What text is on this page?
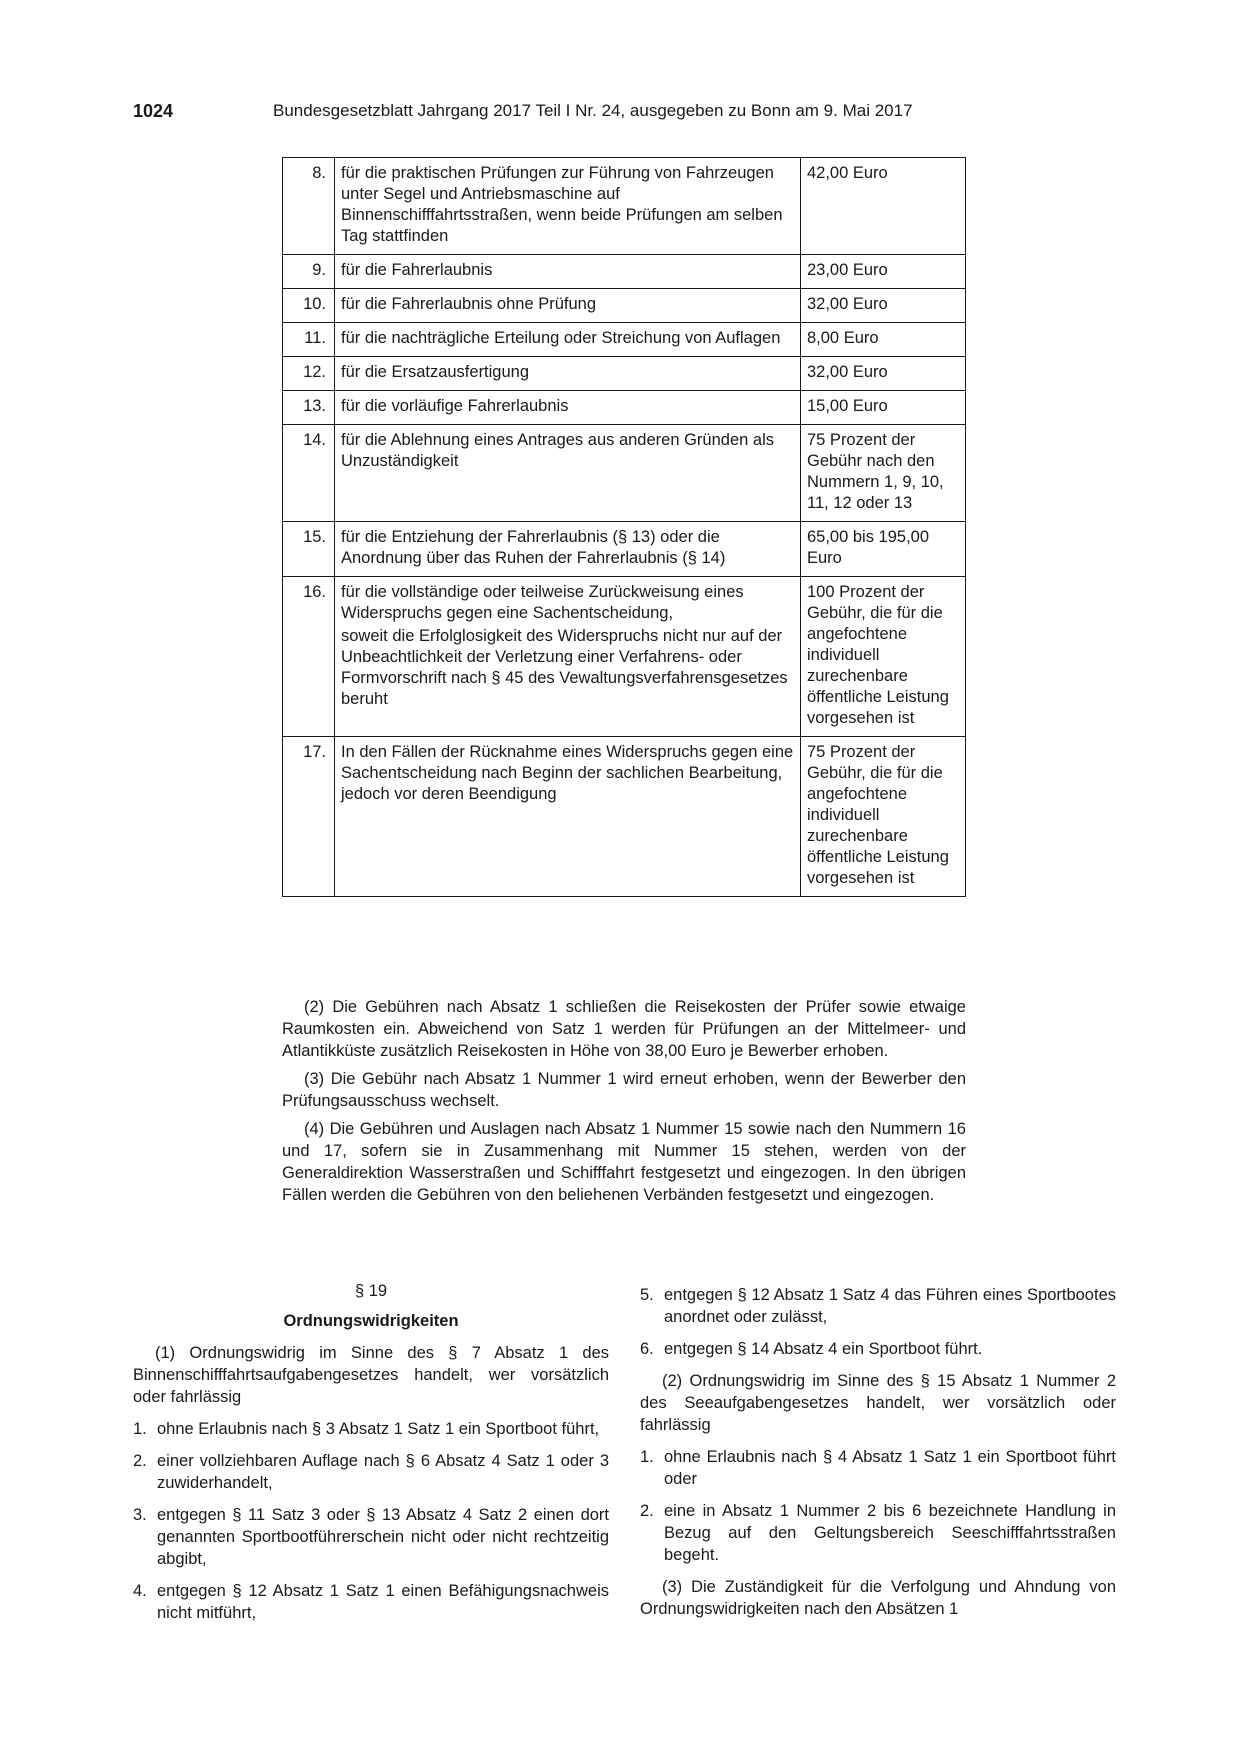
1024	Bundesgesetzblatt Jahrgang 2017 Teil I Nr. 24, ausgegeben zu Bonn am 9. Mai 2017
8.	für die praktischen Prüfungen zur Führung von Fahrzeugen unter Segel und Antriebsmaschine auf Binnenschifffahrtsstraßen, wenn beide Prüfungen am selben Tag stattfinden	42,00 Euro
9.	für die Fahrerlaubnis	23,00 Euro
10.	für die Fahrerlaubnis ohne Prüfung	32,00 Euro
11.	für die nachträgliche Erteilung oder Streichung von Auflagen	8,00 Euro
12.	für die Ersatzausfertigung	32,00 Euro
13.	für die vorläufige Fahrerlaubnis	15,00 Euro
14.	für die Ablehnung eines Antrages aus anderen Gründen als Unzuständigkeit	75 Prozent der Gebühr nach den Nummern 1, 9, 10, 11, 12 oder 13
15.	für die Entziehung der Fahrerlaubnis (§ 13) oder die Anordnung über das Ruhen der Fahrerlaubnis (§ 14)	65,00 bis 195,00 Euro
16.	für die vollständige oder teilweise Zurückweisung eines Widerspruchs gegen eine Sachentscheidung,

soweit die Erfolglosigkeit des Widerspruchs nicht nur auf der Unbeachtlichkeit der Verletzung einer Verfahrens- oder Formvorschrift nach § 45 des Vewaltungsverfahrensgesetzes beruht	100 Prozent der Gebühr, die für die angefochtene individuell zurechenbare öffentliche Leistung vorgesehen ist
17.	In den Fällen der Rücknahme eines Widerspruchs gegen eine Sachentscheidung nach Beginn der sachlichen Bearbeitung, jedoch vor deren Beendigung	75 Prozent der Gebühr, die für die angefochtene individuell zurechenbare öffentliche Leistung vorgesehen ist

(2) Die Gebühren nach Absatz 1 schließen die Reisekosten der Prüfer sowie etwaige Raumkosten ein. Abweichend von Satz 1 werden für Prüfungen an der Mittelmeer- und Atlantikküste zusätzlich Reisekosten in Höhe von 38,00 Euro je Bewerber erhoben.

(3) Die Gebühr nach Absatz 1 Nummer 1 wird erneut erhoben, wenn der Bewerber den Prüfungsausschuss wechselt.

(4) Die Gebühren und Auslagen nach Absatz 1 Nummer 15 sowie nach den Nummern 16 und 17, sofern sie in Zusammenhang mit Nummer 15 stehen, werden von der Generaldirektion Wasserstraßen und Schifffahrt festgesetzt und eingezogen. In den übrigen Fällen werden die Gebühren von den beliehenen Verbänden festgesetzt und eingezogen.

§ 19
Ordnungswidrigkeiten

(1) Ordnungswidrig im Sinne des § 7 Absatz 1 des Binnenschifffahrtsaufgabengesetzes handelt, wer vorsätzlich oder fahrlässig

1. ohne Erlaubnis nach § 3 Absatz 1 Satz 1 ein Sportboot führt,
2. einer vollziehbaren Auflage nach § 6 Absatz 4 Satz 1 oder 3 zuwiderhandelt,
3. entgegen § 11 Satz 3 oder § 13 Absatz 4 Satz 2 einen dort genannten Sportbootführerschein nicht oder nicht rechtzeitig abgibt,
4. entgegen § 12 Absatz 1 Satz 1 einen Befähigungsnachweis nicht mitführt,
5. entgegen § 12 Absatz 1 Satz 4 das Führen eines Sportbootes anordnet oder zulässt,
6. entgegen § 14 Absatz 4 ein Sportboot führt.

(2) Ordnungswidrig im Sinne des § 15 Absatz 1 Nummer 2 des Seeaufgabengesetzes handelt, wer vorsätzlich oder fahrlässig

1. ohne Erlaubnis nach § 4 Absatz 1 Satz 1 ein Sportboot führt oder
2. eine in Absatz 1 Nummer 2 bis 6 bezeichnete Handlung in Bezug auf den Geltungsbereich Seeschifffahrtsstraßen begeht.

(3) Die Zuständigkeit für die Verfolgung und Ahndung von Ordnungswidrigkeiten nach den Absätzen 1
